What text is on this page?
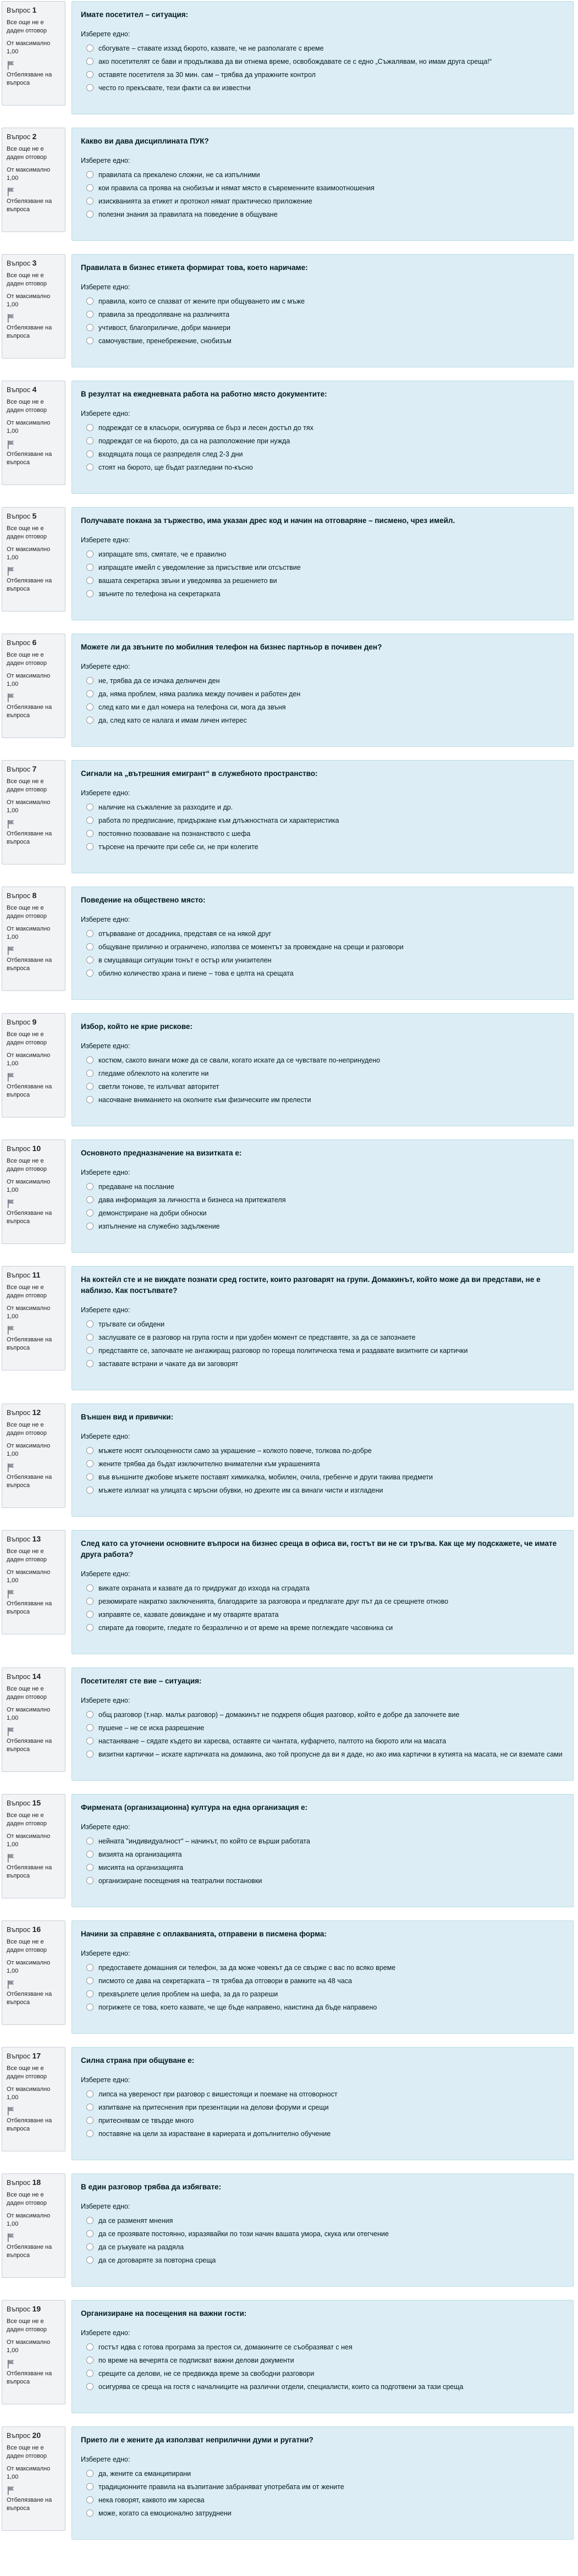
Въпрос 1
Все още не е даден отговор
От максимално 1,00
Отбелязване на въпроса
Имате посетител – ситуация:
Изберете едно:
сбогувате – ставате иззад бюрото, казвате, че не разполагате с време
ако посетителят се бави и продължава да ви отнема време, освобождавате се с едно „Съжалявам, но имам друга среща!“
оставяте посетителя за 30 мин. сам – трябва да упражните контрол
често го прекъсвате, тези факти са ви известни
Въпрос 2
Все още не е даден отговор
От максимално 1,00
Отбелязване на въпроса
Какво ви дава дисциплината ПУК?
Изберете едно:
правилата са прекалено сложни, не са изпълними
кои правила са проява на снобизъм и нямат място в съвременните взаимоотношения
изискванията за етикет и протокол нямат практическо приложение
полезни знания за правилата на поведение в общуване
Въпрос 3
Все още не е даден отговор
От максимално 1,00
Отбелязване на въпроса
Правилата в бизнес етикета формират това, което наричаме:
Изберете едно:
правила, които се спазват от жените при общуването им с мъже
правила за преодоляване на различията
учтивост, благоприличие, добри маниери
самочувствие, пренебрежение, снобизъм
Въпрос 4
Все още не е даден отговор
От максимално 1,00
Отбелязване на въпроса
В резултат на ежедневната работа на работно място документите:
Изберете едно:
подреждат се в класьори, осигурява се бърз и лесен достъп до тях
подреждат се на бюрото, да са на разположение при нужда
входящата поща се разпределя след 2-3 дни
стоят на бюрото, ще бъдат разгледани по-късно
Въпрос 5
Все още не е даден отговор
От максимално 1,00
Отбелязване на въпроса
Получавате покана за тържество, има указан дрес код и начин на отговаряне – писмено, чрез имейл.
Изберете едно:
изпращате sms, смятате, че е правилно
изпращате имейл с уведомление за присъствие или отсъствие
вашата секретарка звъни и уведомява за решението ви
звъните по телефона на секретарката
Въпрос 6
Все още не е даден отговор
От максимално 1,00
Отбелязване на въпроса
Можете ли да звъните по мобилния телефон на бизнес партньор в почивен ден?
Изберете едно:
не, трябва да се изчака делничен ден
да, няма проблем, няма разлика между почивен и работен ден
след като ми е дал номера на телефона си, мога да звъня
да, след като се налага и имам личен интерес
Въпрос 7
Все още не е даден отговор
От максимално 1,00
Отбелязване на въпроса
Сигнали на „вътрешния емигрант“ в служебното пространство:
Изберете едно:
наличие на съжаление за разходите и др.
работа по предписание, придържане към длъжностната си характеристика
постоянно позоваване на познанството с шефа
търсене на пречките при себе си, не при колегите
Въпрос 8
Все още не е даден отговор
От максимално 1,00
Отбелязване на въпроса
Поведение на обществено място:
Изберете едно:
отърваване от досадника, представя се на някой друг
общуване прилично и ограничено, използва се моментът за провеждане на срещи и разговори
в смущаващи ситуации тонът е остър или унизителен
обилно количество храна и пиене – това е целта на срещата
Въпрос 9
Все още не е даден отговор
От максимално 1,00
Отбелязване на въпроса
Избор, който не крие рискове:
Изберете едно:
костюм, сакото винаги може да се свали, когато искате да се чувствате по-непринудено
гледаме облеклото на колегите ни
светли тонове, те излъчват авторитет
насочване вниманието на околните към физическите им прелести
Въпрос 10
Все още не е даден отговор
От максимално 1,00
Отбелязване на въпроса
Основното предназначение на визитката е:
Изберете едно:
предаване на послание
дава информация за личността и бизнеса на притежателя
демонстриране на добри обноски
изпълнение на служебно задължение
Въпрос 11
Все още не е даден отговор
От максимално 1,00
Отбелязване на въпроса
На коктейл сте и не виждате познати сред гостите, които разговарят на групи. Домакинът, който може да ви представи, не е наблизо. Как постъпвате?
Изберете едно:
тръгвате си обидени
заслушвате се в разговор на група гости и при удобен момент се представяте, за да се запознаете
представяте се, започвате не ангажиращ разговор по гореща политическа тема и раздавате визитните си картички
заставате встрани и чакате да ви заговорят
Въпрос 12
Все още не е даден отговор
От максимално 1,00
Отбелязване на въпроса
Външен вид и привички:
Изберете едно:
мъжете носят скъпоценности само за украшение – колкото повече, толкова по-добре
жените трябва да бъдат изключително внимателни към украшенията
във външните джобове мъжете поставят химикалка, мобилен, очила, гребенче и други такива предмети
мъжете излизат на улицата с мръсни обувки, но дрехите им са винаги чисти и изгладени
Въпрос 13
Все още не е даден отговор
От максимално 1,00
Отбелязване на въпроса
След като са уточнени основните въпроси на бизнес среща в офиса ви, гостът ви не си тръгва. Как ще му подскажете, че имате друга работа?
Изберете едно:
викате охраната и казвате да го придружат до изхода на сградата
резюмирате накратко заключенията, благодарите за разговора и предлагате друг път да се срещнете отново
изправяте се, казвате довиждане и му отваряте вратата
спирате да говорите, гледате го безразлично и от време на време поглеждате часовника си
Въпрос 14
Все още не е даден отговор
От максимално 1,00
Отбелязване на въпроса
Посетителят сте вие – ситуация:
Изберете едно:
общ разговор (т.нар. малък разговор) – домакинът не подкрепя общия разговор, който е добре да започнете вие
пушене – не се иска разрешение
настаняване – сядате където ви харесва, оставяте си чантата, куфарчето, палтото на бюрото или на масата
визитни картички – искате картичката на домакина, ако той пропусне да ви я даде, но ако има картички в кутията на масата, не си вземате сами
Въпрос 15
Все още не е даден отговор
От максимално 1,00
Отбелязване на въпроса
Фирмената (организационна) култура на една организация е:
Изберете едно:
нейната "индивидуалност" – начинът, по който се върши работата
визията на организацията
мисията на организацията
организиране посещения на театрални постановки
Въпрос 16
Все още не е даден отговор
От максимално 1,00
Отбелязване на въпроса
Начини за справяне с оплакванията, отправени в писмена форма:
Изберете едно:
предоставете домашния си телефон, за да може човекът да се свърже с вас по всяко време
писмото се дава на секретарката – тя трябва да отговори в рамките на 48 часа
прехвърлете целия проблем на шефа, за да го разреши
погрижете се това, което казвате, че ще бъде направено, наистина да бъде направено
Въпрос 17
Все още не е даден отговор
От максимално 1,00
Отбелязване на въпроса
Силна страна при общуване е:
Изберете едно:
липса на увереност при разговор с вишестоящи и поемане на отговорност
изпитване на притеснения при презентации на делови форуми и срещи
притеснявам се твърде много
поставяне на цели за израстване в кариерата и допълнително обучение
Въпрос 18
Все още не е даден отговор
От максимално 1,00
Отбелязване на въпроса
В един разговор трябва да избягвате:
Изберете едно:
да се разменят мнения
да се прозявате постоянно, изразявайки по този начин вашата умора, скука или отегчение
да се ръкувате на раздяла
да се договаряте за повторна среща
Въпрос 19
Все още не е даден отговор
От максимално 1,00
Отбелязване на въпроса
Организиране на посещения на важни гости:
Изберете едно:
гостът идва с готова програма за престоя си, домакините се съобразяват с нея
по време на вечерята се подписват важни делови документи
срещите са делови, не се предвижда време за свободни разговори
осигурява се среща на гостя с началниците на различни отдели, специалисти, които са подготвени за тази среща
Въпрос 20
Все още не е даден отговор
От максимално 1,00
Отбелязване на въпроса
Прието ли е жените да използват неприлични думи и ругатни?
Изберете едно:
да, жените са еманципирани
традиционните правила на възпитание забраняват употребата им от жените
нека говорят, каквото им харесва
може, когато са емоционално затруднени
